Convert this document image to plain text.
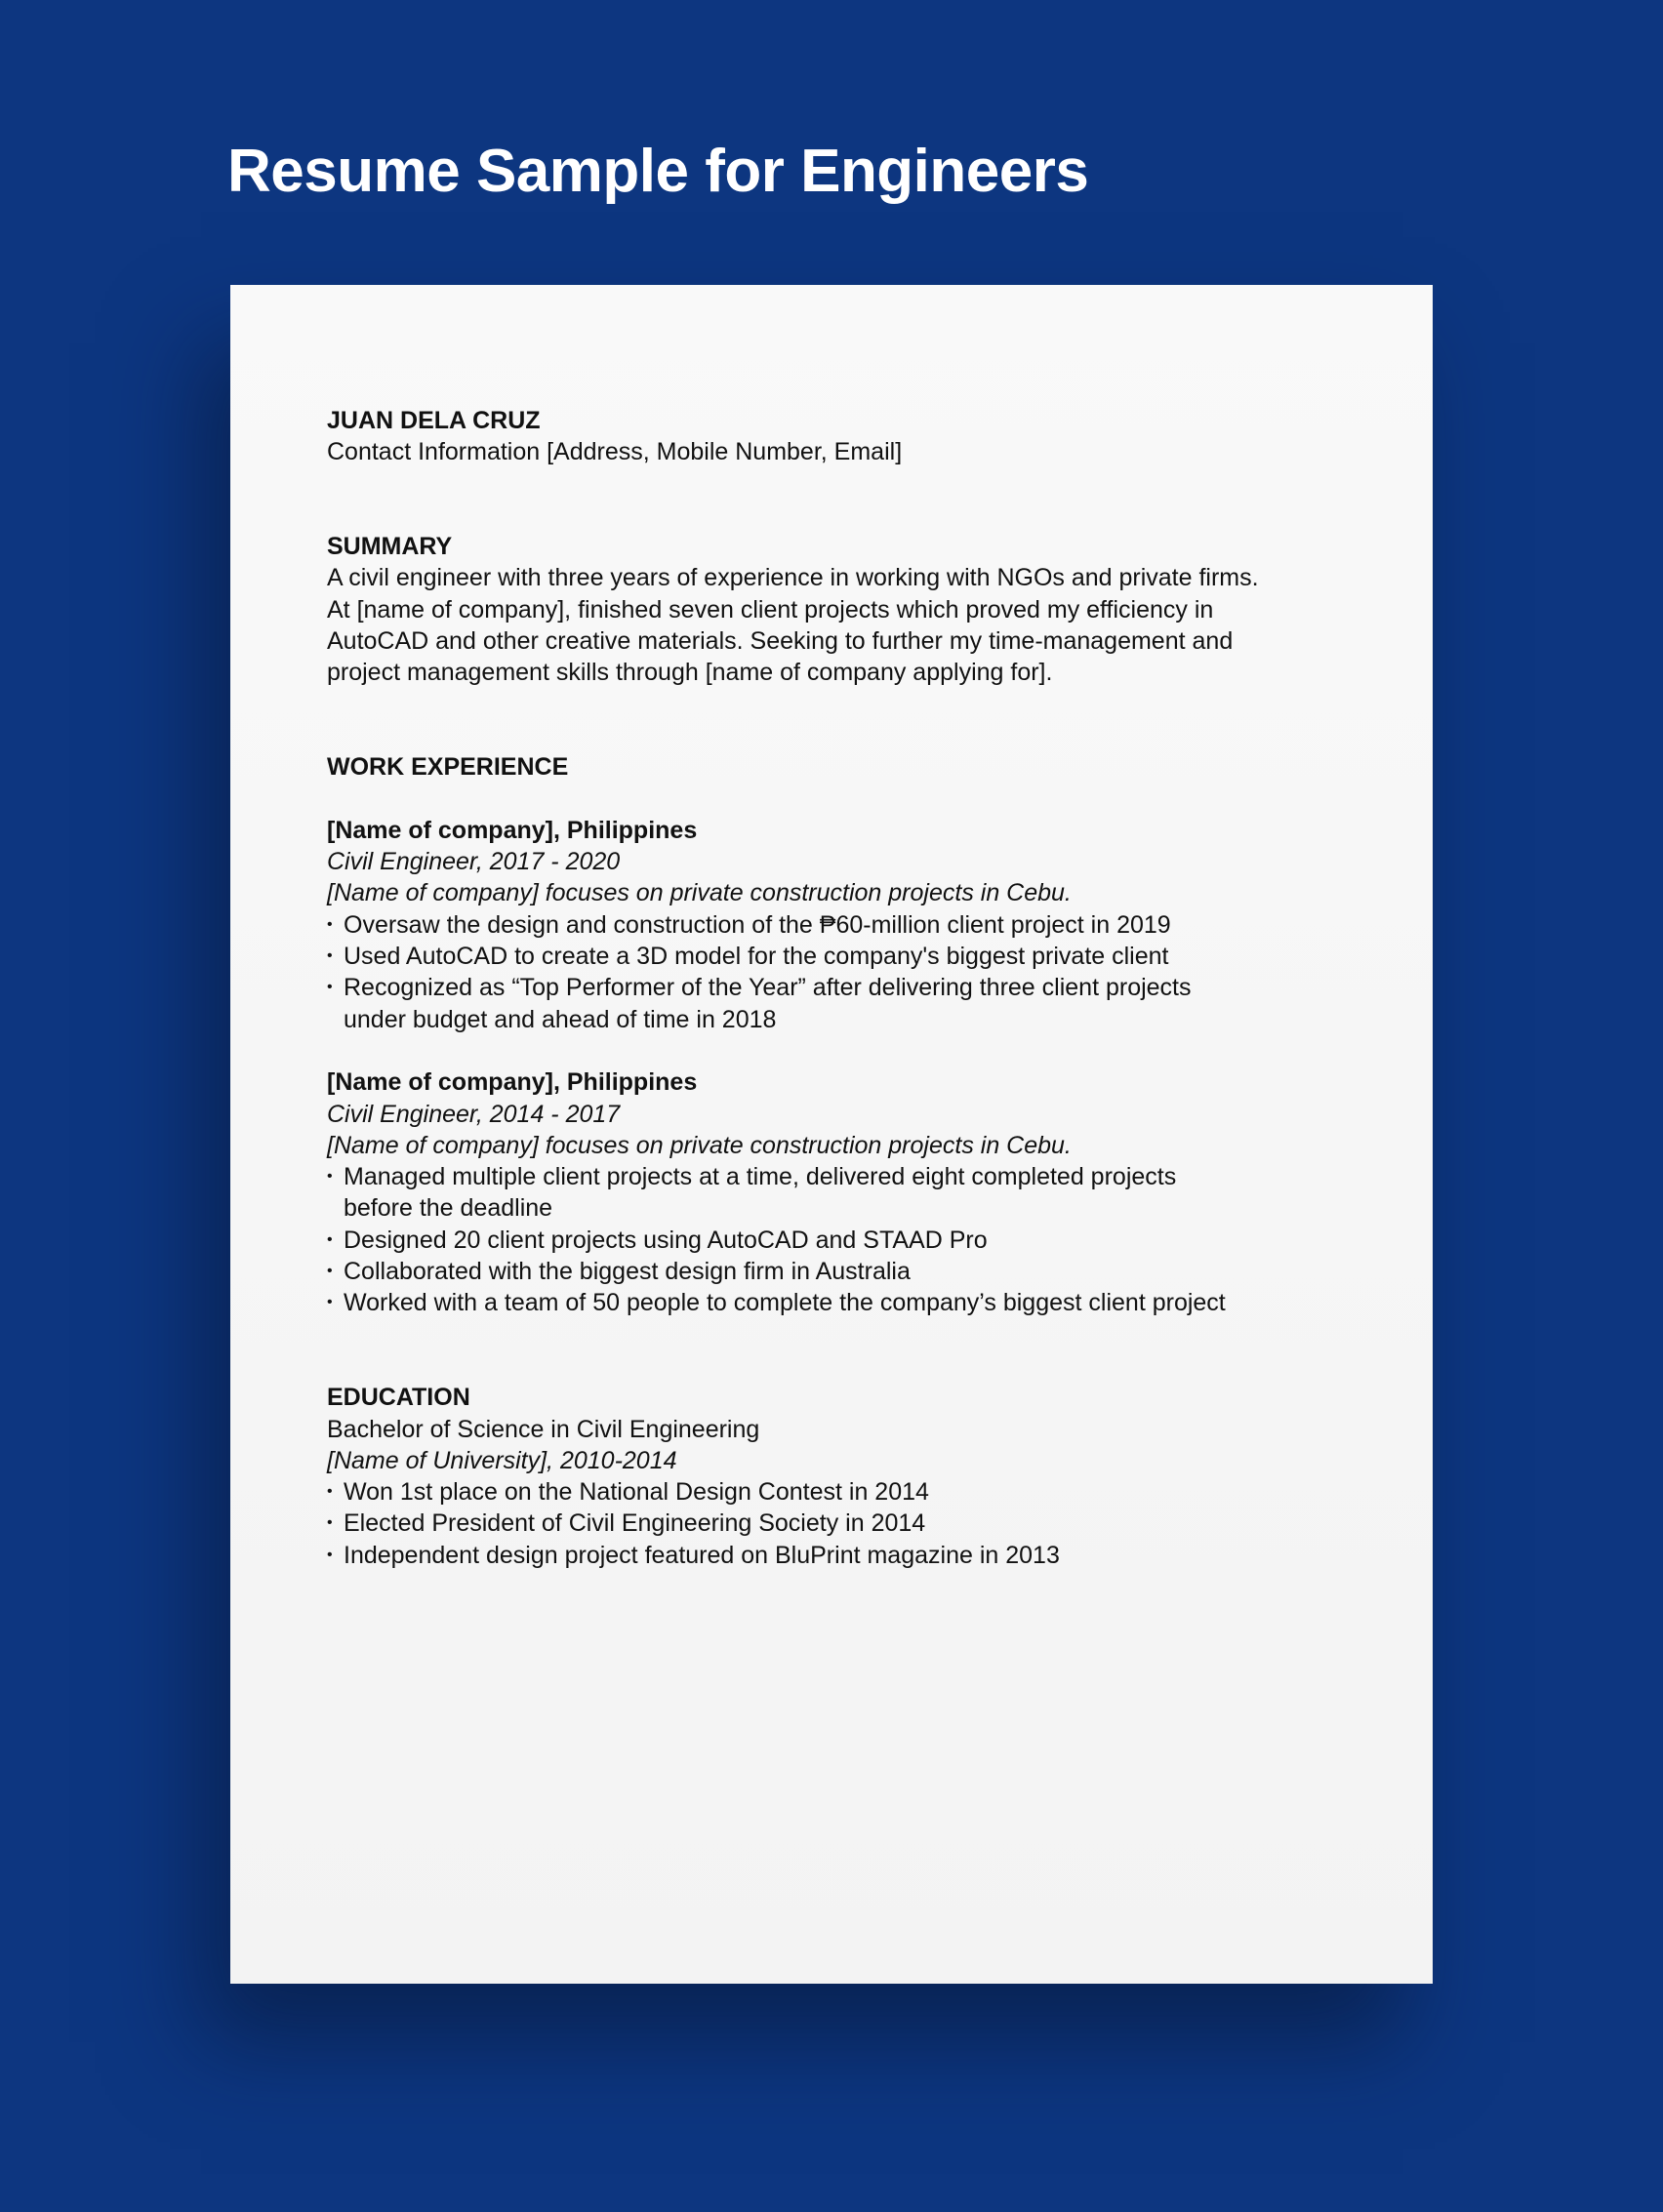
Resume Sample for Engineers
JUAN DELA CRUZ
Contact Information [Address, Mobile Number, Email]
SUMMARY
A civil engineer with three years of experience in working with NGOs and private firms.
At [name of company], finished seven client projects which proved my efficiency in
AutoCAD and other creative materials. Seeking to further my time-management and
project management skills through [name of company applying for].
WORK EXPERIENCE
[Name of company], Philippines
Civil Engineer, 2017 - 2020
[Name of company] focuses on private construction projects in Cebu.
• Oversaw the design and construction of the ₱60-million client project in 2019
• Used AutoCAD to create a 3D model for the company's biggest private client
• Recognized as “Top Performer of the Year” after delivering three client projects
under budget and ahead of time in 2018
[Name of company], Philippines
Civil Engineer, 2014 - 2017
[Name of company] focuses on private construction projects in Cebu.
• Managed multiple client projects at a time, delivered eight completed projects
before the deadline
• Designed 20 client projects using AutoCAD and STAAD Pro
• Collaborated with the biggest design firm in Australia
• Worked with a team of 50 people to complete the company’s biggest client project
EDUCATION
Bachelor of Science in Civil Engineering
[Name of University], 2010-2014
• Won 1st place on the National Design Contest in 2014
• Elected President of Civil Engineering Society in 2014
• Independent design project featured on BluPrint magazine in 2013
